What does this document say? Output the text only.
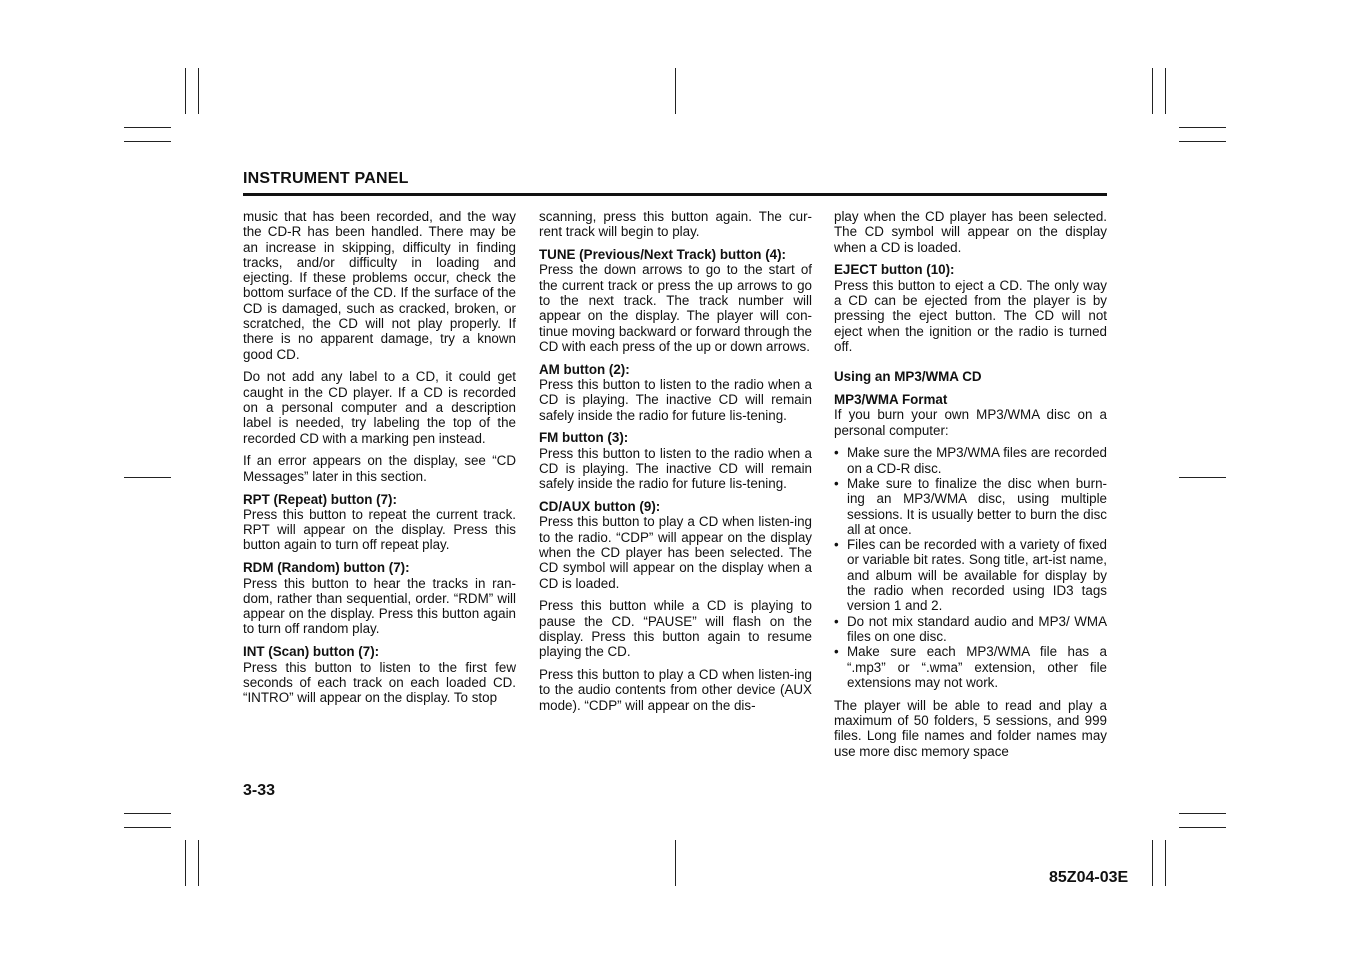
INSTRUMENT PANEL

music that has been recorded, and the way the CD-R has been handled. There may be an increase in skipping, difficulty in finding tracks, and/or difficulty in loading and ejecting. If these problems occur, check the bottom surface of the CD. If the surface of the CD is damaged, such as cracked, broken, or scratched, the CD will not play properly. If there is no apparent damage, try a known good CD.

Do not add any label to a CD, it could get caught in the CD player. If a CD is recorded on a personal computer and a description label is needed, try labeling the top of the recorded CD with a marking pen instead.

If an error appears on the display, see “CD Messages” later in this section.

RPT (Repeat) button (7):

Press this button to repeat the current track. RPT will appear on the display. Press this button again to turn off repeat play.

RDM (Random) button (7):

Press this button to hear the tracks in ran-dom, rather than sequential, order. “RDM” will appear on the display. Press this button again to turn off random play.

INT (Scan) button (7):

Press this button to listen to the first few seconds of each track on each loaded CD. “INTRO” will appear on the display. To stop

scanning, press this button again. The cur-rent track will begin to play.

TUNE (Previous/Next Track) button (4):

Press the down arrows to go to the start of the current track or press the up arrows to go to the next track. The track number will appear on the display. The player will con-tinue moving backward or forward through the CD with each press of the up or down arrows.

AM button (2):

Press this button to listen to the radio when a CD is playing. The inactive CD will remain safely inside the radio for future lis-tening.

FM button (3):

Press this button to listen to the radio when a CD is playing. The inactive CD will remain safely inside the radio for future lis-tening.

CD/AUX button (9):

Press this button to play a CD when listen-ing to the radio. “CDP” will appear on the display when the CD player has been selected. The CD symbol will appear on the display when a CD is loaded.

Press this button while a CD is playing to pause the CD. “PAUSE” will flash on the display. Press this button again to resume playing the CD.

Press this button to play a CD when listen-ing to the audio contents from other device (AUX mode). “CDP” will appear on the dis-

play when the CD player has been selected. The CD symbol will appear on the display when a CD is loaded.

EJECT button (10):

Press this button to eject a CD. The only way a CD can be ejected from the player is by pressing the eject button. The CD will not eject when the ignition or the radio is turned off.

Using an MP3/WMA CD
MP3/WMA Format

If you burn your own MP3/WMA disc on a personal computer:

• Make sure the MP3/WMA files are recorded on a CD-R disc.
• Make sure to finalize the disc when burn-ing an MP3/WMA disc, using multiple sessions. It is usually better to burn the disc all at once.
• Files can be recorded with a variety of fixed or variable bit rates. Song title, art-ist name, and album will be available for display by the radio when recorded using ID3 tags version 1 and 2.
• Do not mix standard audio and MP3/ WMA files on one disc.
• Make sure each MP3/WMA file has a “.mp3” or “.wma” extension, other file extensions may not work.

The player will be able to read and play a maximum of 50 folders, 5 sessions, and 999 files. Long file names and folder names may use more disc memory space

3-33
85Z04-03E
